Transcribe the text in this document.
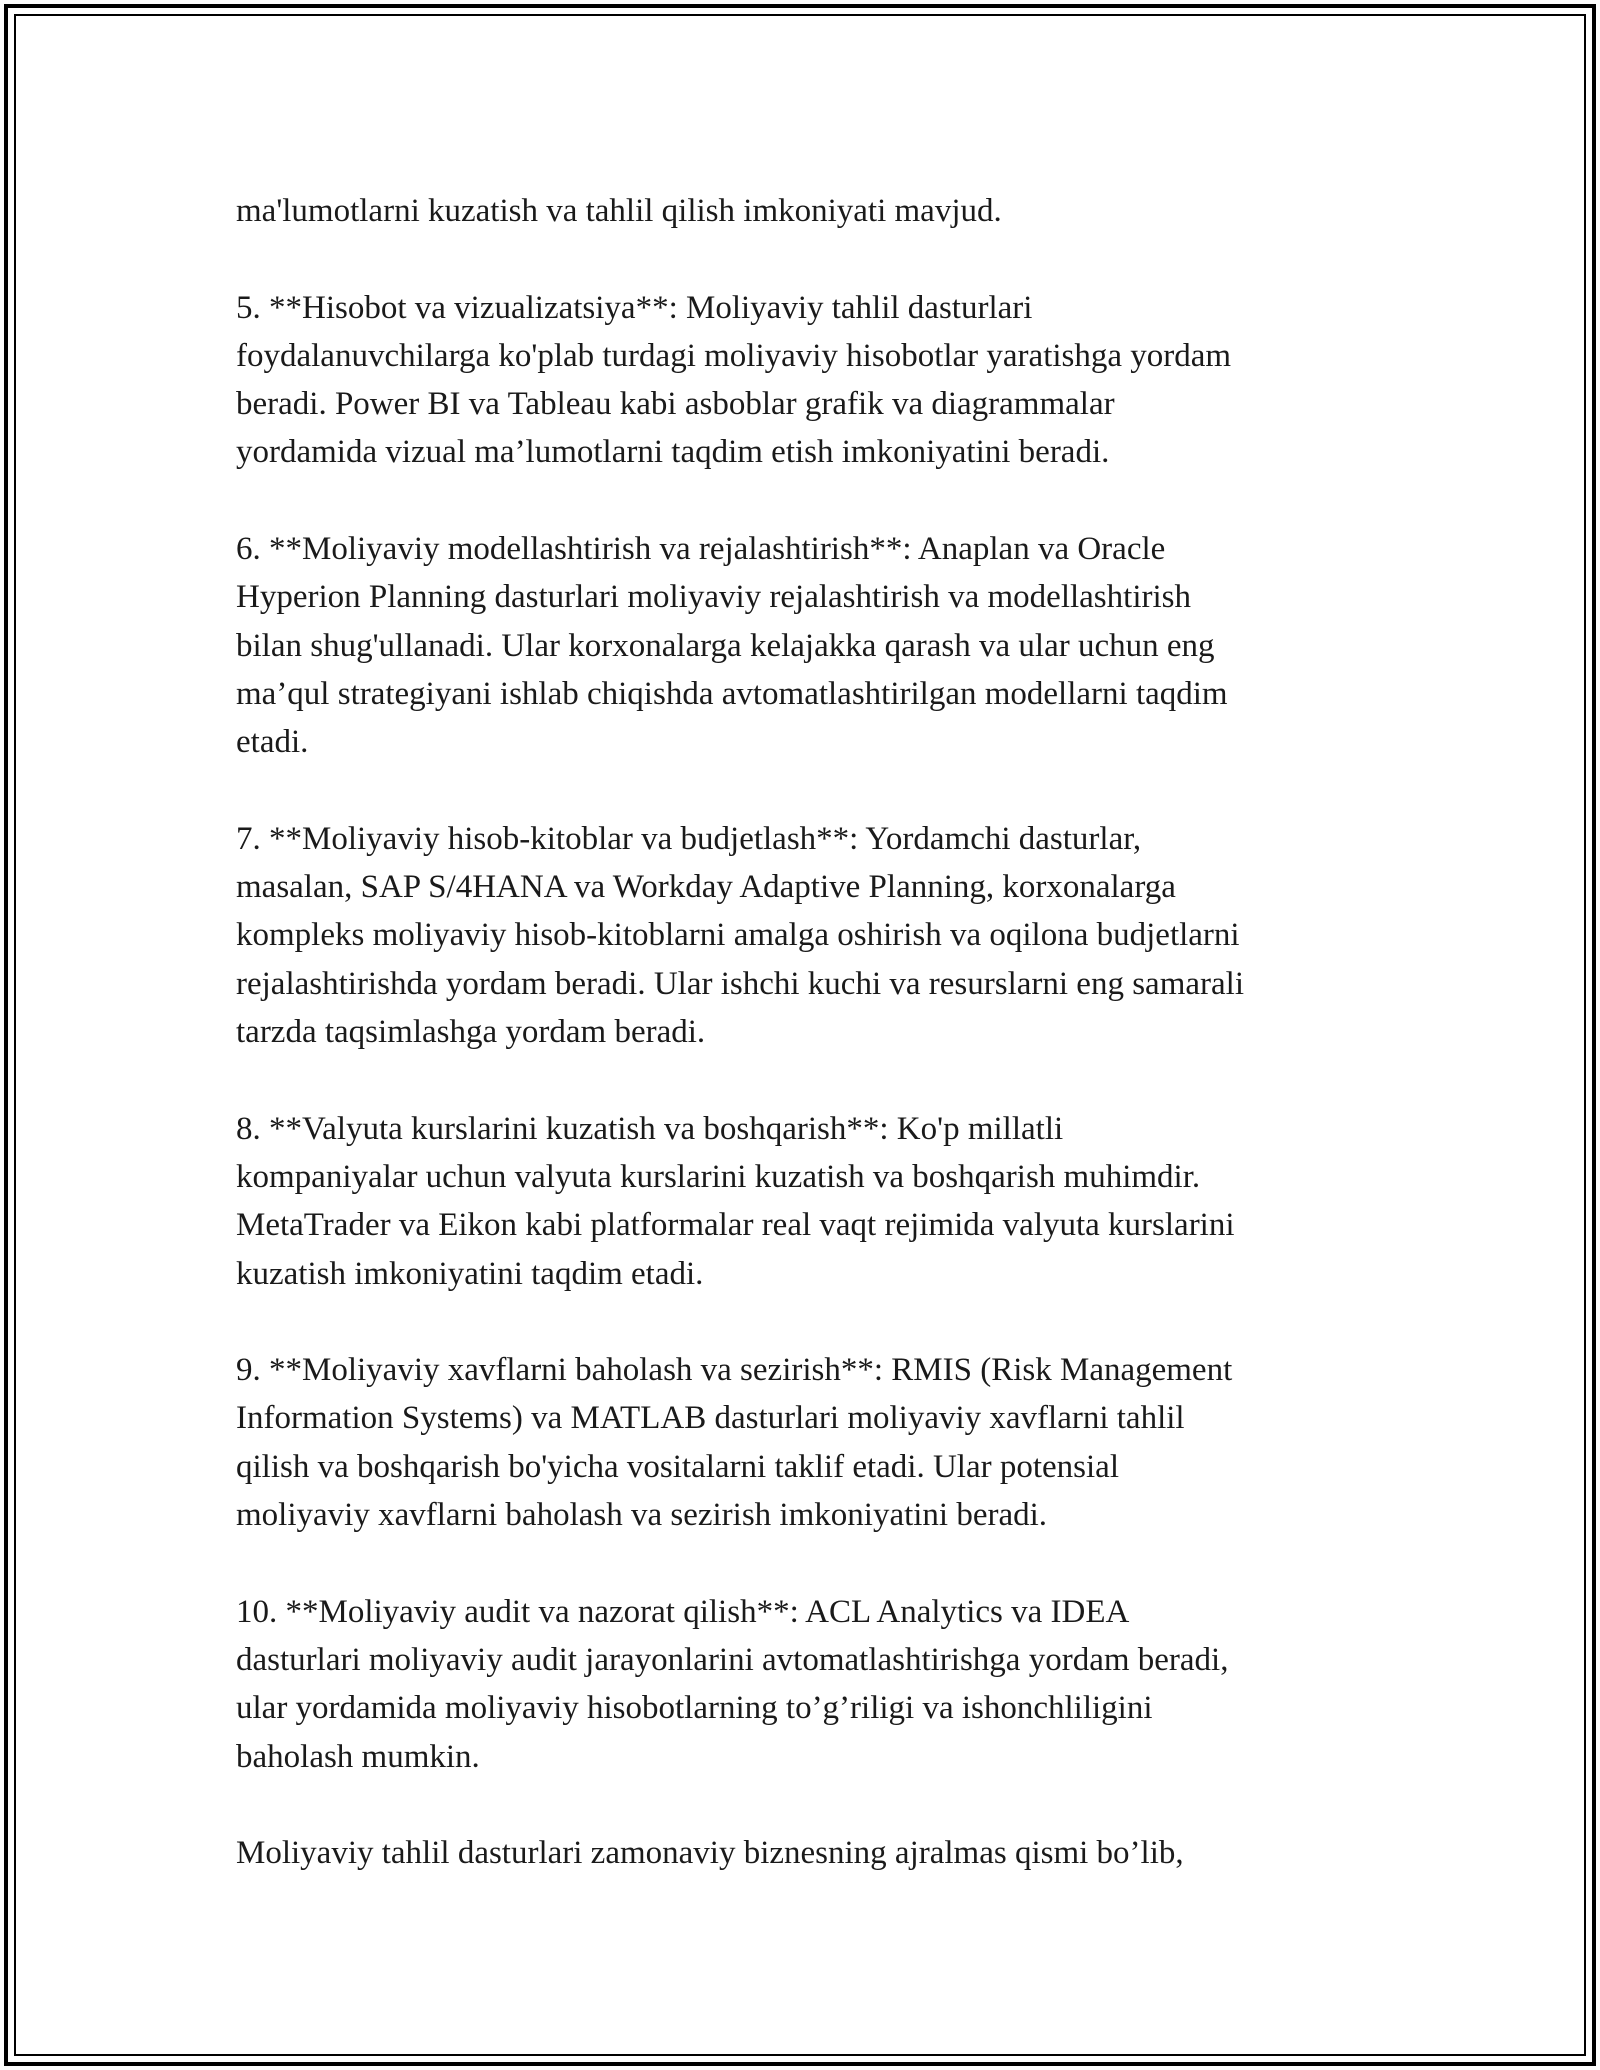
ma'lumotlarni kuzatish va tahlil qilish imkoniyati mavjud.

5. **Hisobot va vizualizatsiya**: Moliyaviy tahlil dasturlari
foydalanuvchilarga ko'plab turdagi moliyaviy hisobotlar yaratishga yordam
beradi. Power BI va Tableau kabi asboblar grafik va diagrammalar
yordamida vizual ma’lumotlarni taqdim etish imkoniyatini beradi.

6. **Moliyaviy modellashtirish va rejalashtirish**: Anaplan va Oracle
Hyperion Planning dasturlari moliyaviy rejalashtirish va modellashtirish
bilan shug'ullanadi. Ular korxonalarga kelajakka qarash va ular uchun eng
ma’qul strategiyani ishlab chiqishda avtomatlashtirilgan modellarni taqdim
etadi.

7. **Moliyaviy hisob-kitoblar va budjetlash**: Yordamchi dasturlar,
masalan, SAP S/4HANA va Workday Adaptive Planning, korxonalarga
kompleks moliyaviy hisob-kitoblarni amalga oshirish va oqilona budjetlarni
rejalashtirishda yordam beradi. Ular ishchi kuchi va resurslarni eng samarali
tarzda taqsimlashga yordam beradi.

8. **Valyuta kurslarini kuzatish va boshqarish**: Ko'p millatli
kompaniyalar uchun valyuta kurslarini kuzatish va boshqarish muhimdir.
MetaTrader va Eikon kabi platformalar real vaqt rejimida valyuta kurslarini
kuzatish imkoniyatini taqdim etadi.

9. **Moliyaviy xavflarni baholash va sezirish**: RMIS (Risk Management
Information Systems) va MATLAB dasturlari moliyaviy xavflarni tahlil
qilish va boshqarish bo'yicha vositalarni taklif etadi. Ular potensial
moliyaviy xavflarni baholash va sezirish imkoniyatini beradi.

10. **Moliyaviy audit va nazorat qilish**: ACL Analytics va IDEA
dasturlari moliyaviy audit jarayonlarini avtomatlashtirishga yordam beradi,
ular yordamida moliyaviy hisobotlarning to’g’riligi va ishonchliligini
baholash mumkin.

Moliyaviy tahlil dasturlari zamonaviy biznesning ajralmas qismi bo’lib,
